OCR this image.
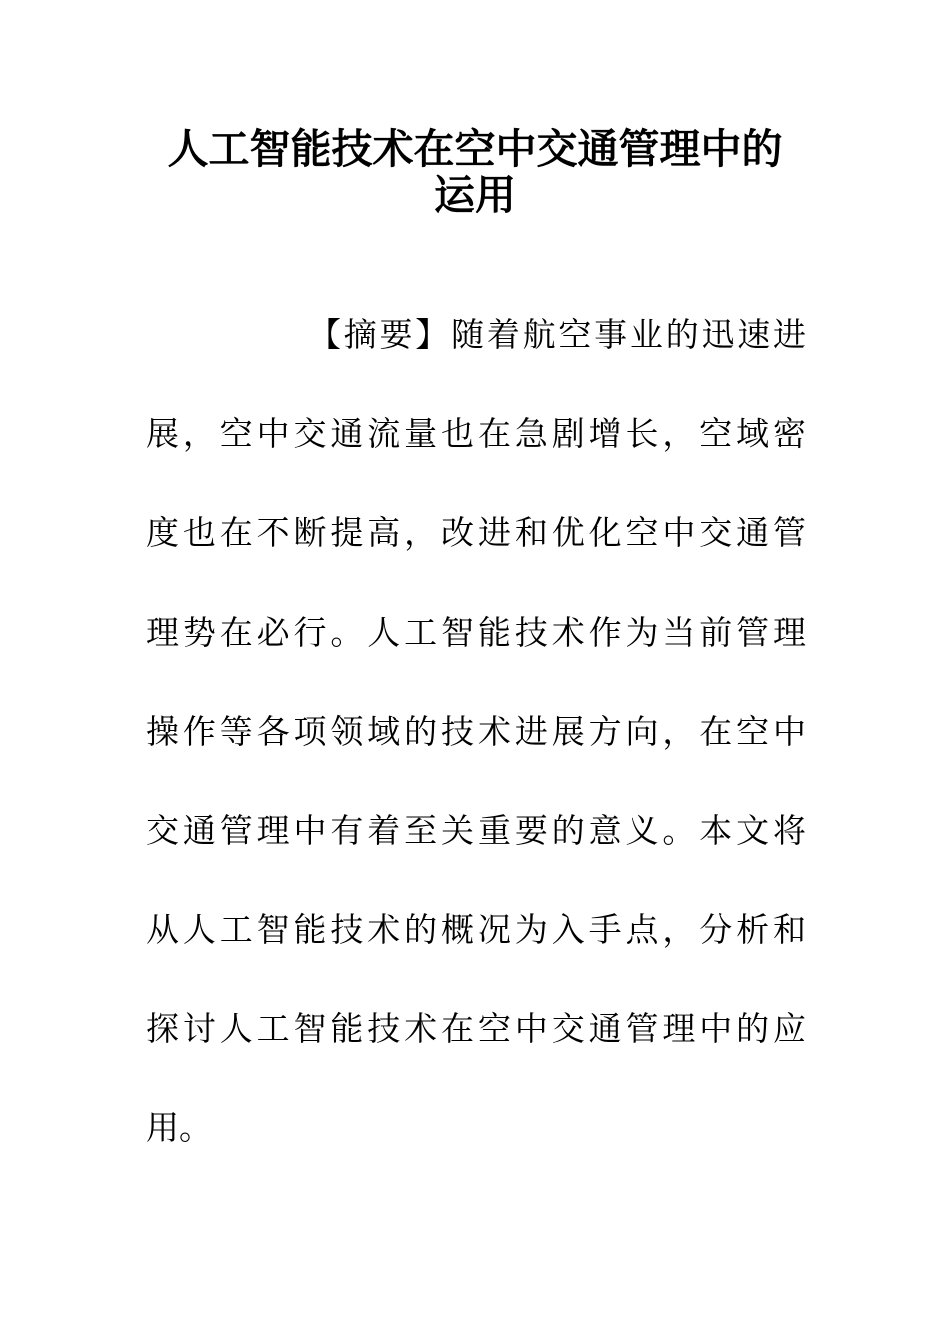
人工智能技术在空中交通管理中的
运用
【摘要】随着航空事业的迅速进
展，空中交通流量也在急剧增长，空域密
度也在不断提高，改进和优化空中交通管
理势在必行。人工智能技术作为当前管理
操作等各项领域的技术进展方向，在空中
交通管理中有着至关重要的意义。本文将
从人工智能技术的概况为入手点，分析和
探讨人工智能技术在空中交通管理中的应
用。
